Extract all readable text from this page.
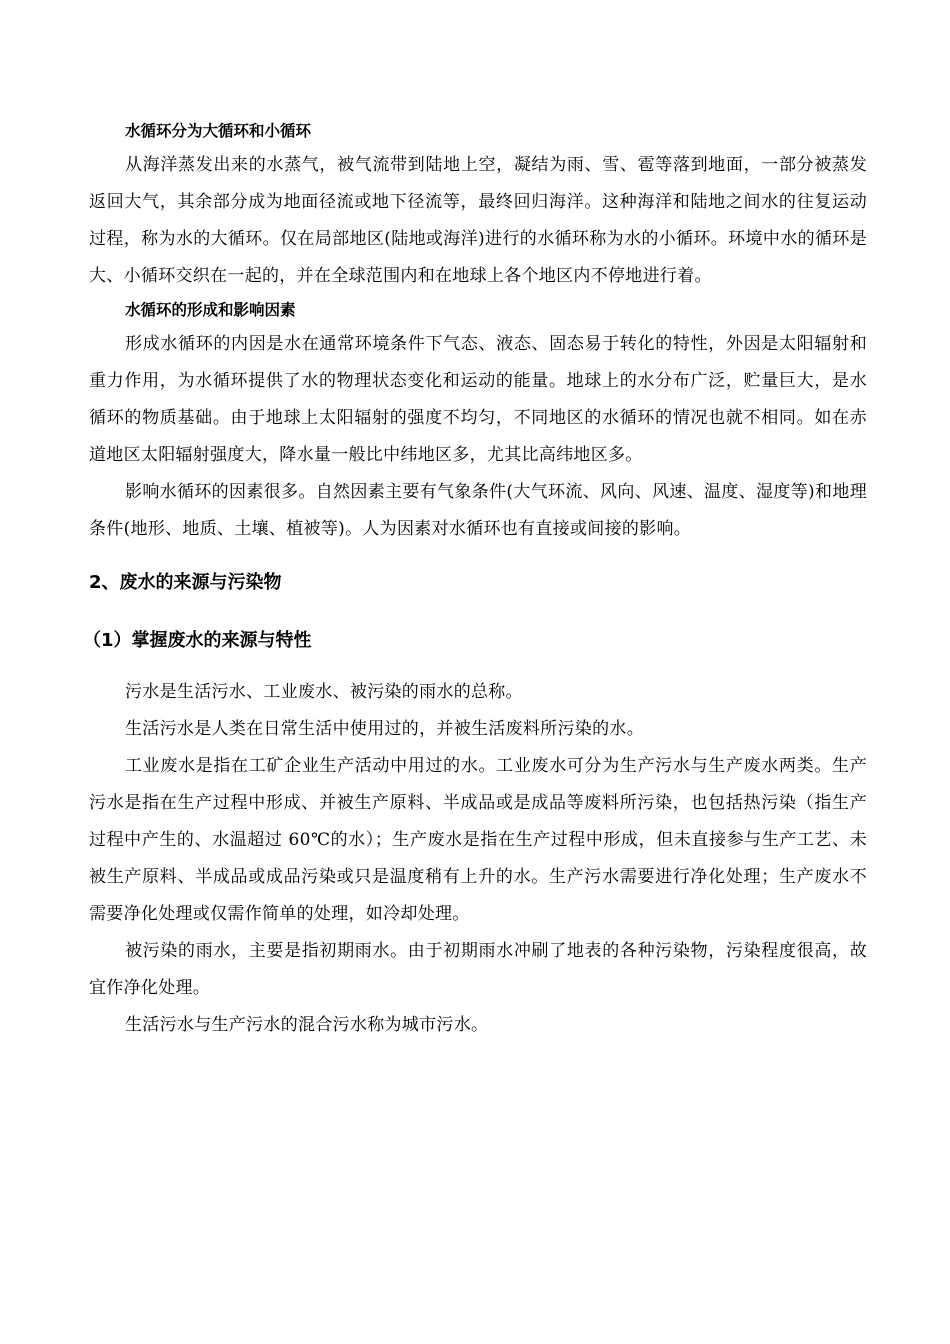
水循环分为大循环和小循环

从海洋蒸发出来的水蒸气，被气流带到陆地上空，凝结为雨、雪、雹等落到地面，一部分被蒸发返回大气，其余部分成为地面径流或地下径流等，最终回归海洋。这种海洋和陆地之间水的往复运动过程，称为水的大循环。仅在局部地区(陆地或海洋)进行的水循环称为水的小循环。环境中水的循环是大、小循环交织在一起的，并在全球范围内和在地球上各个地区内不停地进行着。

水循环的形成和影响因素

形成水循环的内因是水在通常环境条件下气态、液态、固态易于转化的特性，外因是太阳辐射和重力作用，为水循环提供了水的物理状态变化和运动的能量。地球上的水分布广泛，贮量巨大，是水循环的物质基础。由于地球上太阳辐射的强度不均匀，不同地区的水循环的情况也就不相同。如在赤道地区太阳辐射强度大，降水量一般比中纬地区多，尤其比高纬地区多。

影响水循环的因素很多。自然因素主要有气象条件(大气环流、风向、风速、温度、湿度等)和地理条件(地形、地质、土壤、植被等)。人为因素对水循环也有直接或间接的影响。

2、废水的来源与污染物
（1）掌握废水的来源与特性

污水是生活污水、工业废水、被污染的雨水的总称。

生活污水是人类在日常生活中使用过的，并被生活废料所污染的水。

工业废水是指在工矿企业生产活动中用过的水。工业废水可分为生产污水与生产废水两类。生产污水是指在生产过程中形成、并被生产原料、半成品或是成品等废料所污染，也包括热污染（指生产过程中产生的、水温超过 60℃的水）；生产废水是指在生产过程中形成，但未直接参与生产工艺、未被生产原料、半成品或成品污染或只是温度稍有上升的水。生产污水需要进行净化处理；生产废水不需要净化处理或仅需作简单的处理，如冷却处理。

被污染的雨水，主要是指初期雨水。由于初期雨水冲刷了地表的各种污染物，污染程度很高，故宜作净化处理。

生活污水与生产污水的混合污水称为城市污水。
